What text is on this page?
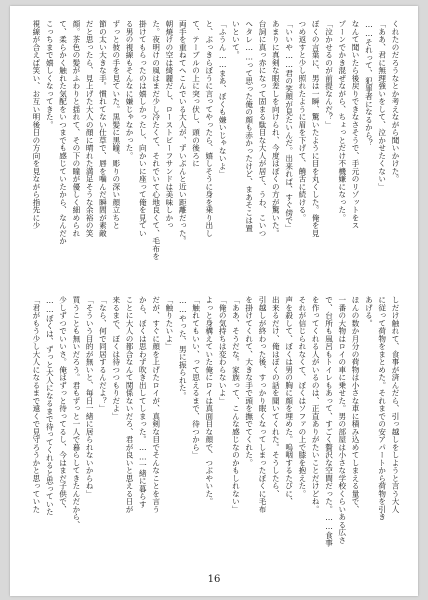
くれたのだろうなとか考えながら聞いかけた。

「ああ、君に無理強いをして、泣かせたくない」

……それって、犯罪者になるから？

なんて聞いたら後戻りできなさそうで、手元のリゾットをス

プーンでかき混ぜながら、ちょっとだけ不機嫌になった。

「泣かせるのが前提なんだ？」

ぼくの言葉に、男は一瞬、驚いたように目を丸くした。俺を見

つめ返すと少し照れたように眉を下げて、饒舌に続ける。

「いいや……君の笑顔が見たいんだ。出来れば、すぐ傍で」

あまりに真剣な眼差しを向けられ、今度はぼくの方が驚いた。

台詞に真っ赤になって固まる駄目な大人が居て、うわ、こいつ

へタレ……って思った俺の顔も赤かったけど、まあそこは置

いといて。

「ふうん……まあ、ぼくも嫌いじゃないよ」

と、ぶっきらぼうに言ってやったら、嬉しそうに身を乗り出し

て、テーブルの上に突っ伏し、頭の後ろに

両手を重ねてへこんでいる大人が、ずいぶんと近い距離だった。

朝焼けの空は綺麗だし、ローストビーフサンドは美味しかっ

た。夜明けの風はまだ少し冷たくて、それでいて心地良くて、毛布を

掛けてもらったのは嬉しかったし、向かいに座って俺を見てい

る男の視線もそんなに嫌じゃなかった。

ずっと彼の手を見ていた。黒髪に黒瞳、彫りの深い顔立ちと

節の太い大きな手。慣れてない仕草で、唇を噛んだ瞬間が素敵

だと思ったら、見上げた大人の顔に晴れた満足そうな余裕の笑

顔。茶色の髪がふわりと揺れて、その下の瞳が優しく細められ

て、柔らかく触れた気配をいつまでも感じていたから、なんだか

こっちまで嬉しくなってきた。

視線が合えば笑い、お互い明後日の方向を見ながら指先に少

しだけ触れて、食事が済んだら、引っ越しをしようと言う大人

に従って荷物をまとめた。それまでの安アパートから荷物を引き

あげる。

ほんの数か月分の荷物は小さな車に積み込めてしまえる量で、

一番の大物はロイの車に乗せた。男の部屋は小さな学校くらいある広さ

で、台所も風呂もトイレもあって、すごく贅沢な空間だった。……食事

を作ってくれる人がいるのは、正直ありがたいことだけどね。

それが信じられなくて、ぼくはソファの上で膝を抱えた。

声を殺して、ぼくは男の胸に顔を埋めた。嗚咽するたびに、

出来るだけ、俺はぼくの話を聞いてくれた。そうしたら、

引越しが終わった後、すっかり眠くなってしまったぼくに毛布

を掛けてくれて、大きな手で頭を撫でてくれた。

「ああ、そうだな。家族って、こんな感じなのかもしれない」

「俺の気持ちは変わらないよ」

よっと身構えていた俺にロイは真面目な顔で、つぶやいた。

「触れてもいい、って思えるまで、待つから」

……やった、男に振られた。

「触りたいよ」

だが、すぐに顔を上げたロイが、真剣な目でそんなことを言う

から、ぼくは思わず吹き出してしまった。……一緒に暮らす

ことに大人の都合なんて関係ないだろ、君が良いと思える日が

来るまで、ぼくは待つつもりだよ」

「なら、何で同居するんだよ？」

「そういう目的が無いと、毎日一緒に居られないからね」

買うことも無いだろう。君もずっと一人で暮らしてきたんだから、

少しずつでいいさ。俺はずっと待ってるし、今はまだ子供で、

……ぼくは、ずっと大人になるまで待ってくれると思っていた

「君がもう少し大人になるまで遠くで見守ろうかと思っていた

16
